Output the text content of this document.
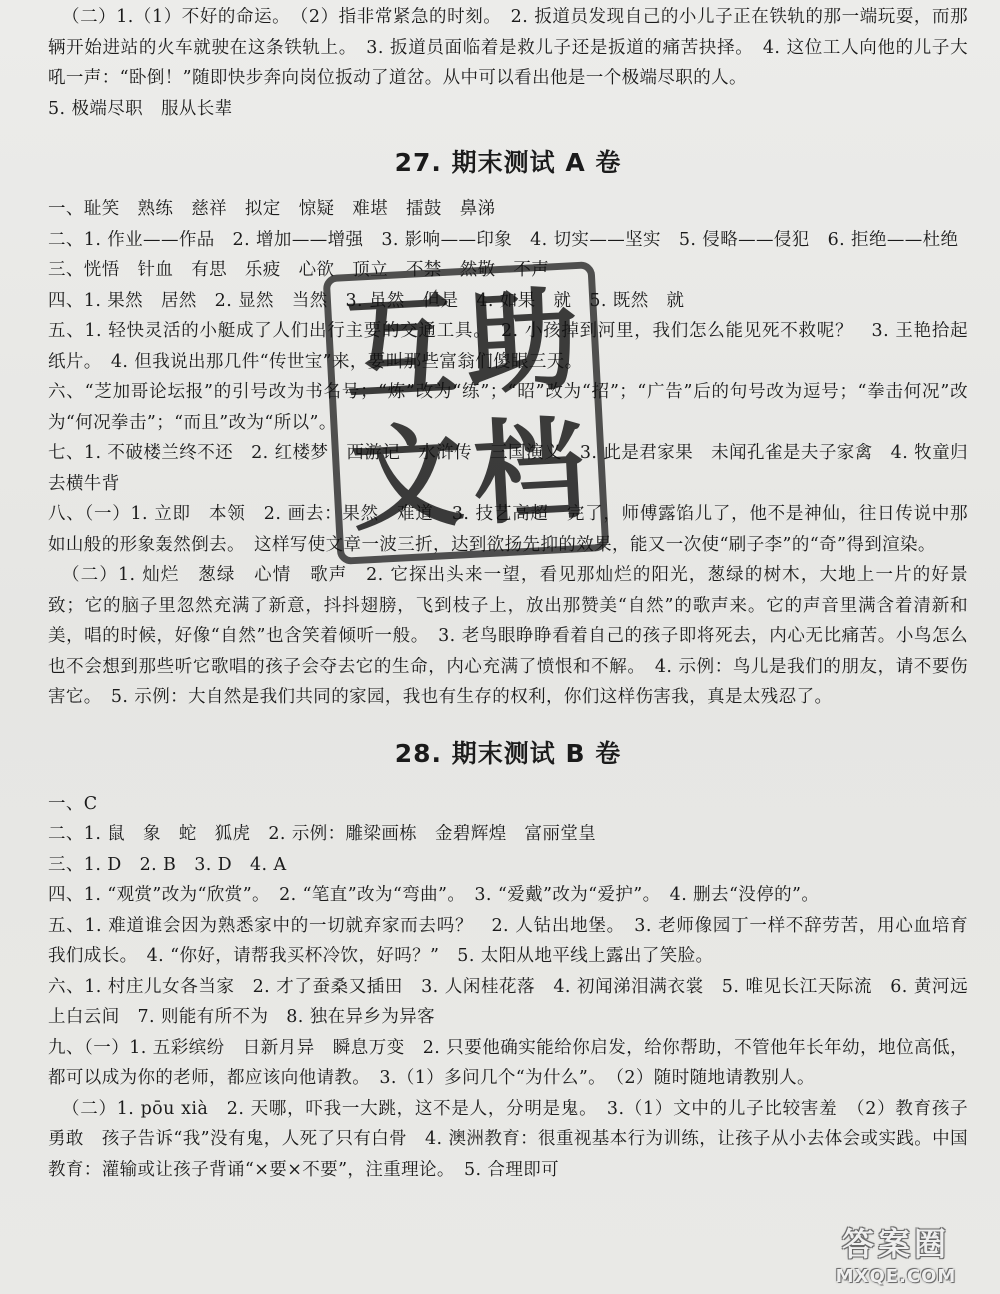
（二）1.（1）不好的命运。　（2）指非常紧急的时刻。　2. 扳道员发现自己的小儿子正在铁轨的那一端玩耍，而那辆开始进站的火车就驶在这条铁轨上。　3. 扳道员面临着是救儿子还是扳道的痛苦抉择。　4. 这位工人向他的儿子大吼一声：“卧倒！”随即快步奔向岗位扳动了道岔。从中可以看出他是一个极端尽职的人。

5. 极端尽职　服从长辈

27. 期末测试 A 卷

一、耻笑　熟练　慈祥　拟定　惊疑　难堪　擂鼓　鼻涕

二、1. 作业——作品　2. 增加——增强　3. 影响——印象　4. 切实——坚实　5. 侵略——侵犯　6. 拒绝——杜绝

三、恍悟　针血　有思　乐疲　心欲　顶立　不禁　然敬　不声

四、1. 果然　居然　2. 显然　当然　3. 虽然　但是　4. 如果　就　5. 既然　就

五、1. 轻快灵活的小艇成了人们出行主要的交通工具。　2. 小孩掉到河里，我们怎么能见死不救呢？　3. 王艳拾起纸片。　4. 但我说出那几件“传世宝”来，要叫那些富翁们傻眼三天。

六、“芝加哥论坛报”的引号改为书名号；“炼”改为“练”；“昭”改为“招”；“广告”后的句号改为逗号；“拳击何况”改为“何况拳击”；“而且”改为“所以”。

七、1. 不破楼兰终不还　2. 红楼梦　西游记　水浒传　三国演义　3. 此是君家果　未闻孔雀是夫子家禽　4. 牧童归去横牛背

八、（一）1. 立即　本领　2. 画去：果然　难道　3. 技艺高超　完了，师傅露馅儿了，他不是神仙，往日传说中那如山般的形象轰然倒去。　这样写使文章一波三折，达到欲扬先抑的效果，能又一次使“刷子李”的“奇”得到渲染。

（二）1. 灿烂　葱绿　心情　歌声　2. 它探出头来一望，看见那灿烂的阳光，葱绿的树木，大地上一片的好景致；它的脑子里忽然充满了新意，抖抖翅膀，飞到枝子上，放出那赞美“自然”的歌声来。它的声音里满含着清新和美，唱的时候，好像“自然”也含笑着倾听一般。　3. 老鸟眼睁睁看着自己的孩子即将死去，内心无比痛苦。小鸟怎么也不会想到那些听它歌唱的孩子会夺去它的生命，内心充满了愤恨和不解。　4. 示例：鸟儿是我们的朋友，请不要伤害它。　5. 示例：大自然是我们共同的家园，我也有生存的权利，你们这样伤害我，真是太残忍了。

28. 期末测试 B 卷

一、C

二、1. 鼠　象　蛇　狐虎　2. 示例：雕梁画栋　金碧辉煌　富丽堂皇

三、1. D　2. B　3. D　4. A

四、1. “观赏”改为“欣赏”。　2. “笔直”改为“弯曲”。　3. “爱戴”改为“爱护”。　4. 删去“没停的”。

五、1. 难道谁会因为熟悉家中的一切就弃家而去吗？　2. 人钻出地堡。　3. 老师像园丁一样不辞劳苦，用心血培育我们成长。　4. “你好，请帮我买杯冷饮，好吗？”　5. 太阳从地平线上露出了笑脸。

六、1. 村庄儿女各当家　2. 才了蚕桑又插田　3. 人闲桂花落　4. 初闻涕泪满衣裳　5. 唯见长江天际流　6. 黄河远上白云间　7. 则能有所不为　8. 独在异乡为异客

九、（一）1. 五彩缤纷　日新月异　瞬息万变　2. 只要他确实能给你启发，给你帮助，不管他年长年幼，地位高低，都可以成为你的老师，都应该向他请教。　3.（1）多问几个“为什么”。　（2）随时随地请教别人。

（二）1. pōu xià　2. 天哪，吓我一大跳，这不是人，分明是鬼。　3.（1）文中的儿子比较害羞　（2）教育孩子勇敢　孩子告诉“我”没有鬼，人死了只有白骨　4. 澳洲教育：很重视基本行为训练，让孩子从小去体会或实践。中国教育：灌输或让孩子背诵“×要×不要”，注重理论。　5. 合理即可

互 助
文 档
答案圈
MXQE.COM
